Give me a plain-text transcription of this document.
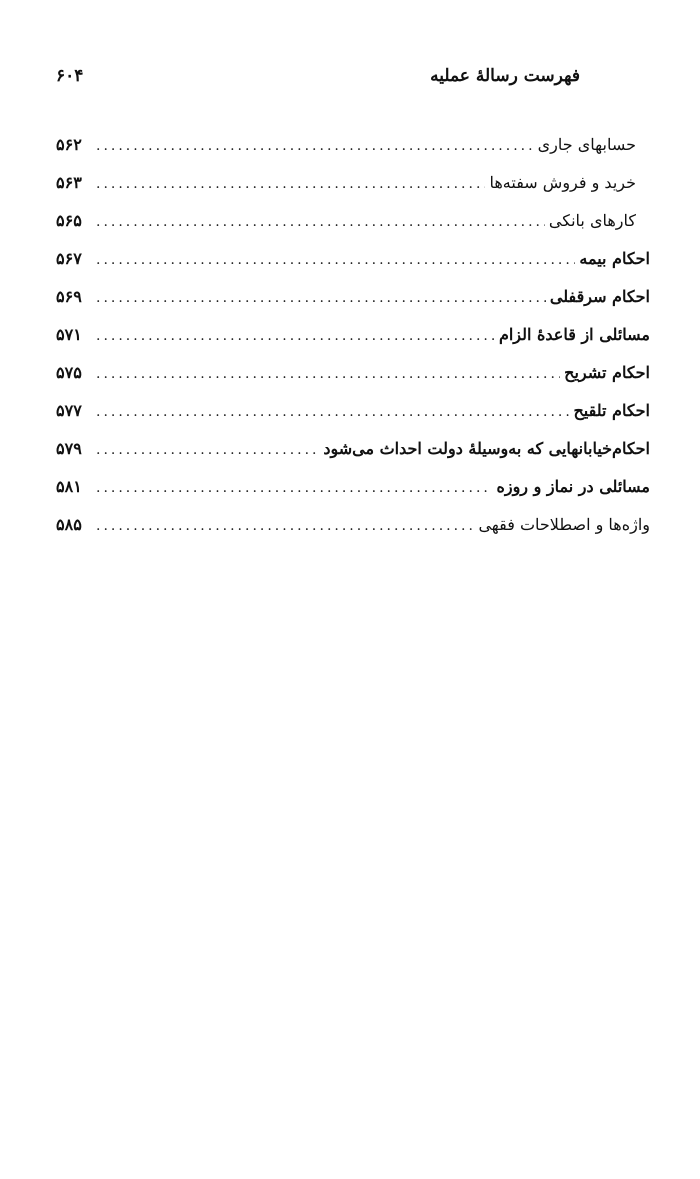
فهرست رسالهٔ عملیه
۶۰۴
حسابهای جاری
.....
۵۶۲
خرید و فروش سفته‌ها
.....
۵۶۳
کارهای بانکی
.....
۵۶۵
احکام بیمه
.....
۵۶۷
احکام سرقفلی
.....
۵۶۹
مسائلی از قاعدهٔ الزام
.....
۵۷۱
احکام تشریح
.....
۵۷۵
احکام تلقیح
.....
۵۷۷
احکام‌خیابانهایی که به‌وسیلهٔ دولت احداث می‌شود
.....
۵۷۹
مسائلی در نماز و روزه
.....
۵۸۱
واژه‌ها و اصطلاحات فقهی
.....
۵۸۵
